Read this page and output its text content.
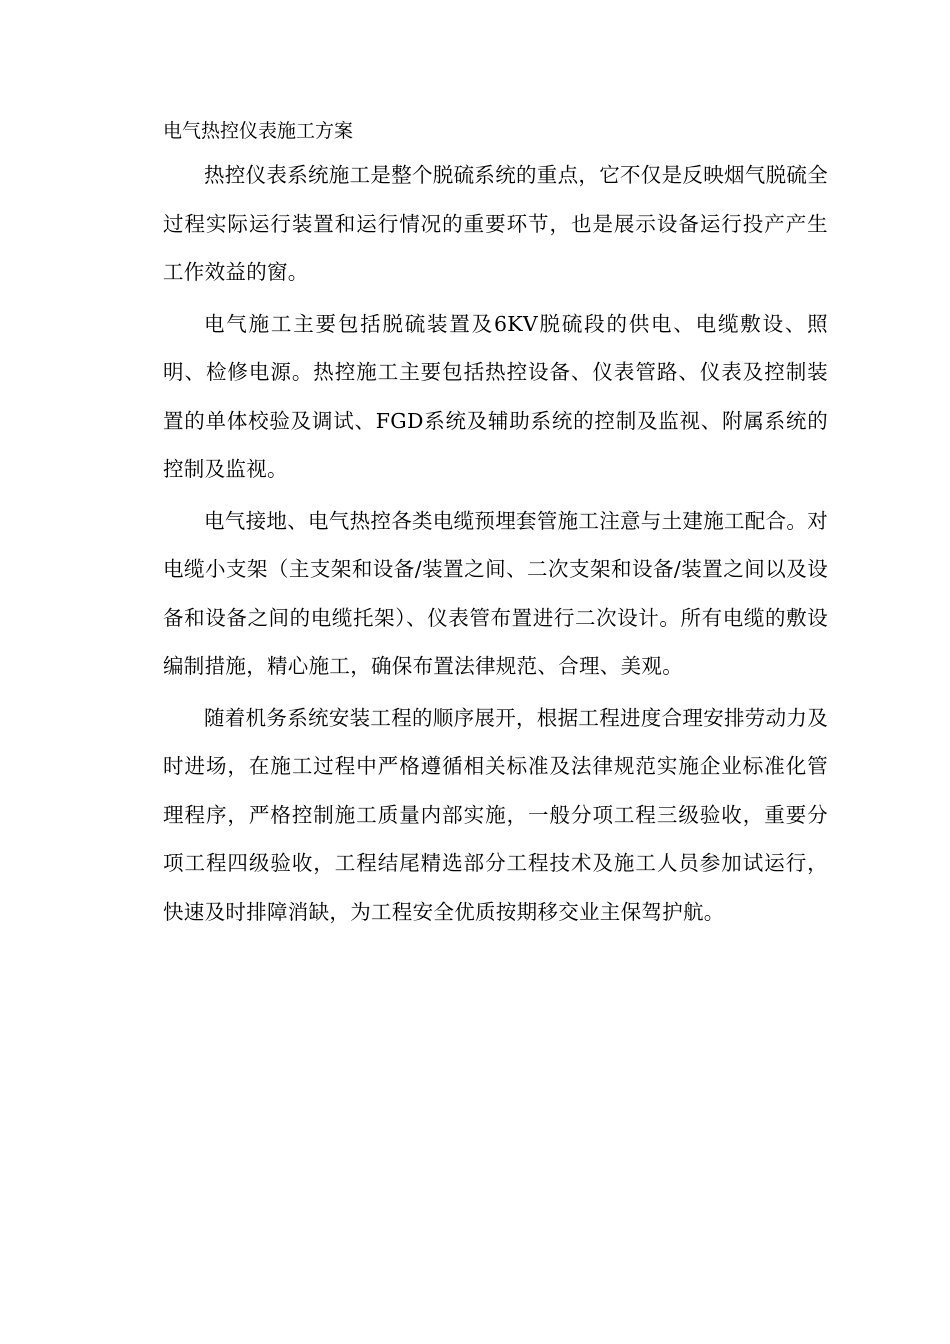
电气热控仪表施工方案

热控仪表系统施工是整个脱硫系统的重点，它不仅是反映烟气脱硫全过程实际运行装置和运行情况的重要环节，也是展示设备运行投产产生工作效益的窗。

电气施工主要包括脱硫装置及6KV脱硫段的供电、电缆敷设、照明、检修电源。热控施工主要包括热控设备、仪表管路、仪表及控制装置的单体校验及调试、FGD系统及辅助系统的控制及监视、附属系统的控制及监视。

电气接地、电气热控各类电缆预埋套管施工注意与土建施工配合。对电缆小支架（主支架和设备/装置之间、二次支架和设备/装置之间以及设备和设备之间的电缆托架）、仪表管布置进行二次设计。所有电缆的敷设编制措施，精心施工，确保布置法律规范、合理、美观。

随着机务系统安装工程的顺序展开，根据工程进度合理安排劳动力及时进场，在施工过程中严格遵循相关标准及法律规范实施企业标准化管理程序，严格控制施工质量内部实施，一般分项工程三级验收，重要分项工程四级验收，工程结尾精选部分工程技术及施工人员参加试运行，快速及时排障消缺，为工程安全优质按期移交业主保驾护航。
